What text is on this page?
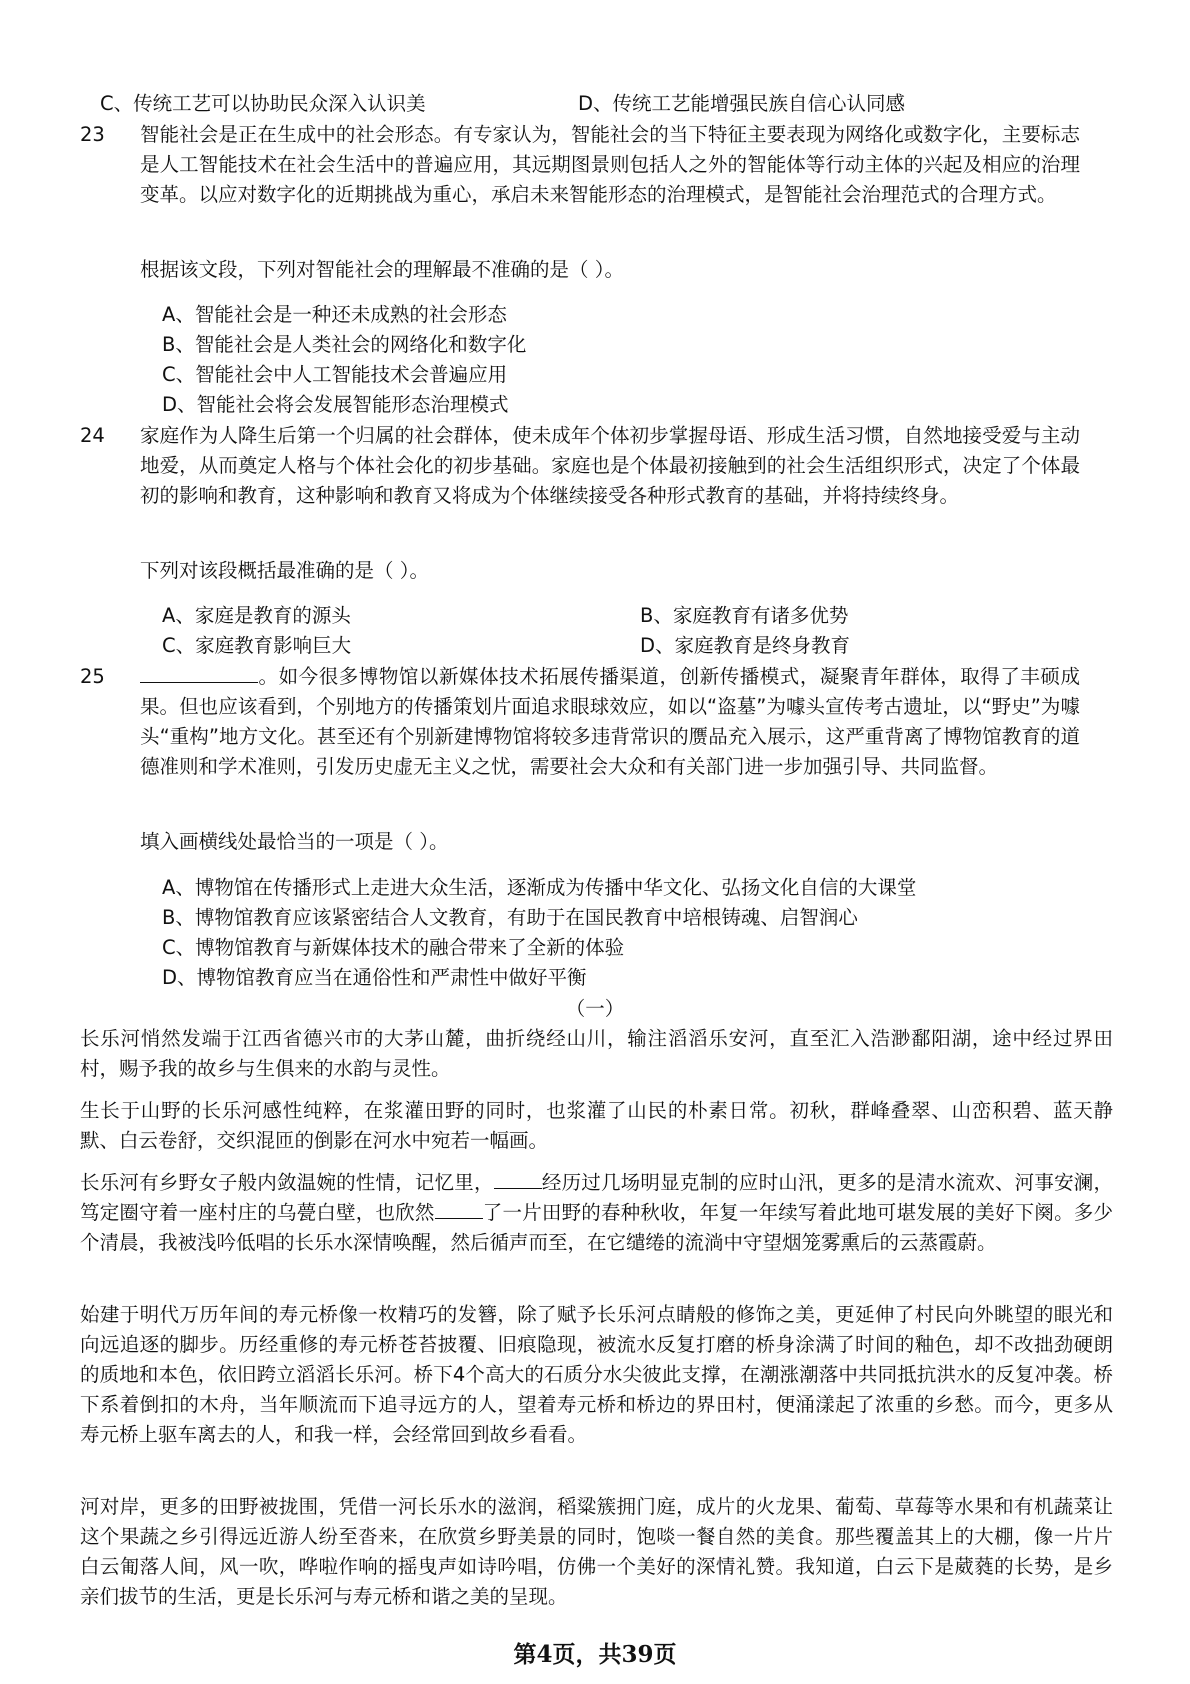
C、传统工艺可以协助民众深入认识美	D、传统工艺能增强民族自信心认同感
23	智能社会是正在生成中的社会形态。有专家认为，智能社会的当下特征主要表现为网络化或数字化，主要标志是人工智能技术在社会生活中的普遍应用，其远期图景则包括人之外的智能体等行动主体的兴起及相应的治理变革。以应对数字化的近期挑战为重心，承启未来智能形态的治理模式，是智能社会治理范式的合理方式。
根据该文段，下列对智能社会的理解最不准确的是（ ）。
A、智能社会是一种还未成熟的社会形态
B、智能社会是人类社会的网络化和数字化
C、智能社会中人工智能技术会普遍应用
D、智能社会将会发展智能形态治理模式
24	家庭作为人降生后第一个归属的社会群体，使未成年个体初步掌握母语、形成生活习惯，自然地接受爱与主动地爱，从而奠定人格与个体社会化的初步基础。家庭也是个体最初接触到的社会生活组织形式，决定了个体最初的影响和教育，这种影响和教育又将成为个体继续接受各种形式教育的基础，并将持续终身。
下列对该段概括最准确的是（ ）。
A、家庭是教育的源头	B、家庭教育有诸多优势
C、家庭教育影响巨大	D、家庭教育是终身教育
25	。如今很多博物馆以新媒体技术拓展传播渠道，创新传播模式，凝聚青年群体，取得了丰硕成果。但也应该看到，个别地方的传播策划片面追求眼球效应，如以“盗墓”为噱头宣传考古遗址，以“野史”为噱头“重构”地方文化。甚至还有个别新建博物馆将较多违背常识的赝品充入展示，这严重背离了博物馆教育的道德准则和学术准则，引发历史虚无主义之忧，需要社会大众和有关部门进一步加强引导、共同监督。
填入画横线处最恰当的一项是（ ）。
A、博物馆在传播形式上走进大众生活，逐渐成为传播中华文化、弘扬文化自信的大课堂
B、博物馆教育应该紧密结合人文教育，有助于在国民教育中培根铸魂、启智润心
C、博物馆教育与新媒体技术的融合带来了全新的体验
D、博物馆教育应当在通俗性和严肃性中做好平衡
（一）
长乐河悄然发端于江西省德兴市的大茅山麓，曲折绕经山川，输注滔滔乐安河，直至汇入浩渺鄱阳湖，途中经过界田村，赐予我的故乡与生俱来的水韵与灵性。
生长于山野的长乐河感性纯粹，在浆灌田野的同时，也浆灌了山民的朴素日常。初秋，群峰叠翠、山峦积碧、蓝天静默、白云卷舒，交织混匝的倒影在河水中宛若一幅画。
长乐河有乡野女子般内敛温婉的性情，记忆里， 经历过几场明显克制的应时山汛，更多的是清水流欢、河事安澜，笃定圈守着一座村庄的乌甍白壁，也欣然 了一片田野的春种秋收，年复一年续写着此地可堪发展的美好下阕。多少个清晨，我被浅吟低唱的长乐水深情唤醒，然后循声而至，在它缱绻的流淌中守望烟笼雾熏后的云蒸霞蔚。
始建于明代万历年间的寿元桥像一枚精巧的发簪，除了赋予长乐河点睛般的修饰之美，更延伸了村民向外眺望的眼光和向远追逐的脚步。历经重修的寿元桥苍苔披覆、旧痕隐现，被流水反复打磨的桥身涂满了时间的釉色，却不改拙劲硬朗的质地和本色，依旧跨立滔滔长乐河。桥下4个高大的石质分水尖彼此支撑，在潮涨潮落中共同抵抗洪水的反复冲袭。桥下系着倒扣的木舟，当年顺流而下追寻远方的人，望着寿元桥和桥边的界田村，便涌漾起了浓重的乡愁。而今，更多从寿元桥上驱车离去的人，和我一样，会经常回到故乡看看。
河对岸，更多的田野被拢围，凭借一河长乐水的滋润，稻粱簇拥门庭，成片的火龙果、葡萄、草莓等水果和有机蔬菜让这个果蔬之乡引得远近游人纷至沓来，在欣赏乡野美景的同时，饱啖一餐自然的美食。那些覆盖其上的大棚，像一片片白云匍落人间，风一吹，哗啦作响的摇曳声如诗吟唱，仿佛一个美好的深情礼赞。我知道，白云下是葳蕤的长势，是乡亲们拔节的生活，更是长乐河与寿元桥和谐之美的呈现。
第4页，共39页
